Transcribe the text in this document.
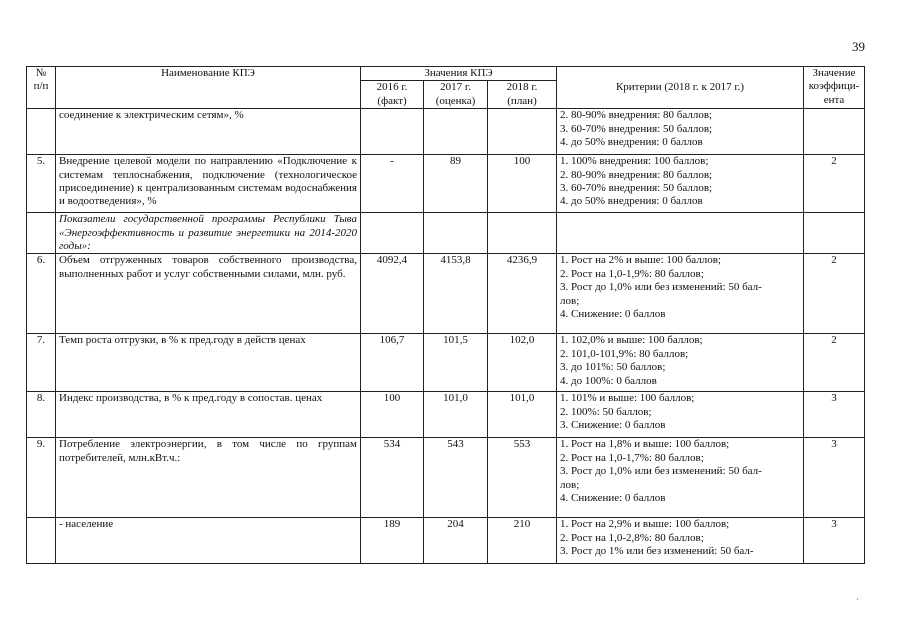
39
№ п/п	Наименование КПЭ	Значения КПЭ			Критерии (2018 г. к 2017 г.)	Значение коэффици-ента
		2016 г. (факт)	2017 г. (оценка)	2018 г. (план)		
	соединение к электрическим сетям», %				2. 80-90% внедрения: 80 баллов;
3. 60-70% внедрения: 50 баллов;
4. до 50% внедрения: 0 баллов	

5.	Внедрение целевой модели по направлению «Подключение к системам теплоснабжения, подключение (технологическое присоединение) к централизованным системам водоснабжения и водоотведения», %	-	89	100	1. 100% внедрения: 100 баллов;
2. 80-90% внедрения: 80 баллов;
3. 60-70% внедрения: 50 баллов;
4. до 50% внедрения: 0 баллов	2
	Показатели государственной программы Республики Тыва «Энергоэффективность и развитие энергетики на 2014-2020 годы»:					
6.	Объем отгруженных товаров собственного производства, выполненных работ и услуг собственными силами, млн. руб.	4092,4	4153,8	4236,9	1. Рост на 2% и выше: 100 баллов;
2. Рост на 1,0-1,9%: 80 баллов;
3. Рост до 1,0% или без изменений: 50 бал-
лов;
4. Снижение: 0 баллов	2
7.	Темп роста отгрузки, в % к пред.году в действ ценах	106,7	101,5	102,0	1. 102,0% и выше: 100 баллов;
2. 101,0-101,9%: 80 баллов;
3. до 101%: 50 баллов;
4. до 100%: 0 баллов	2
8.	Индекс производства, в % к пред.году в сопостав. ценах	100	101,0	101,0	1. 101% и выше: 100 баллов;
2. 100%: 50 баллов;
3. Снижение: 0 баллов	3
9.	Потребление электроэнергии, в том числе по группам потребителей, млн.кВт.ч.:	534	543	553	1. Рост на 1,8% и выше: 100 баллов;
2. Рост на 1,0-1,7%: 80 баллов;
3. Рост до 1,0% или без изменений: 50 бал-
лов;
4. Снижение: 0 баллов	3
	- население	189	204	210	1. Рост на 2,9% и выше: 100 баллов;
2. Рост на 1,0-2,8%: 80 баллов;
3. Рост до 1% или без изменений: 50 бал-	3
·
